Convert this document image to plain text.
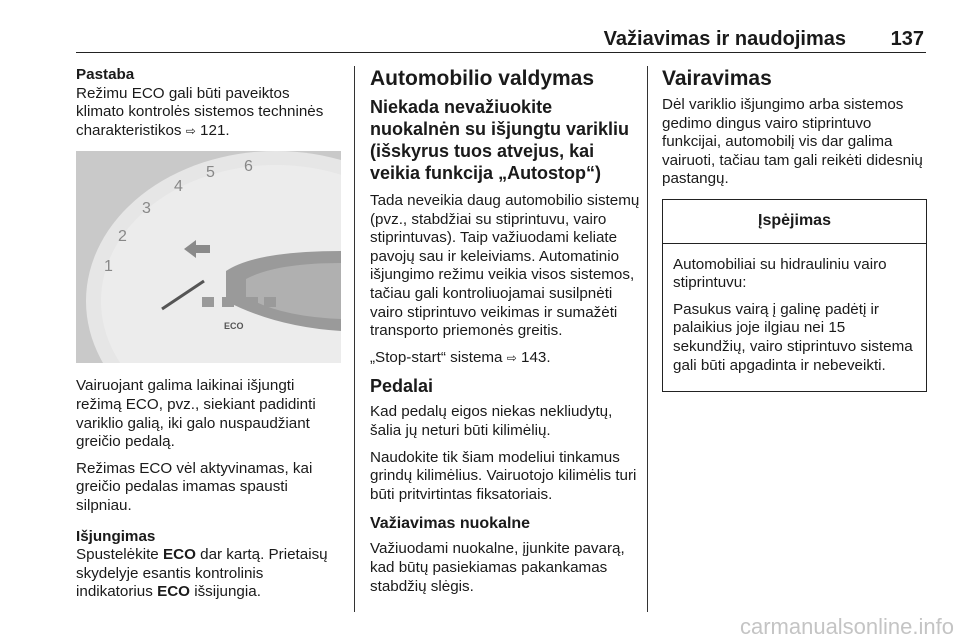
Važiavimas ir naudojimas 137
Pastaba
Režimu ECO gali būti paveiktos klimato kontrolės sistemos techninės charakteristikos ⇨ 121.
1
2
3
4
5 6
ECO

Vairuojant galima laikinai išjungti režimą ECO, pvz., siekiant padidinti variklio galią, iki galo nuspaudžiant greičio pedalą.

Režimas ECO vėl aktyvinamas, kai greičio pedalas imamas spausti silpniau.

Išjungimas

Spustelėkite ECO dar kartą. Prietaisų skydelyje esantis kontrolinis indikatorius ECO išsijungia.

Automobilio valdymas
Niekada nevažiuokite nuokalnėn su išjungtu varikliu (išskyrus tuos atvejus, kai veikia funkcija „Autostop“)

Tada neveikia daug automobilio sistemų (pvz., stabdžiai su stiprintuvu, vairo stiprintuvas). Taip važiuodami keliate pavojų sau ir keleiviams. Automatinio išjungimo režimu veikia visos sistemos, tačiau gali kontroliuojamai susilpnėti vairo stiprintuvo veikimas ir sumažėti transporto priemonės greitis.

„Stop-start“ sistema ⇨ 143.

Pedalai

Kad pedalų eigos niekas nekliudytų, šalia jų neturi būti kilimėlių.

Naudokite tik šiam modeliui tinkamus grindų kilimėlius. Vairuotojo kilimėlis turi būti pritvirtintas fiksatoriais.

Važiavimas nuokalne

Važiuodami nuokalne, įjunkite pavarą, kad būtų pasiekiamas pakankamas stabdžių slėgis.

Vairavimas

Dėl variklio išjungimo arba sistemos gedimo dingus vairo stiprintuvo funkcijai, automobilį vis dar galima vairuoti, tačiau tam gali reikėti didesnių pastangų.

Įspėjimas

Automobiliai su hidrauliniu vairo stiprintuvu:

Pasukus vairą į galinę padėtį ir palaikius joje ilgiau nei 15 sekundžių, vairo stiprintuvo sistema gali būti apgadinta ir nebeveikti.

carmanualsonline.info
